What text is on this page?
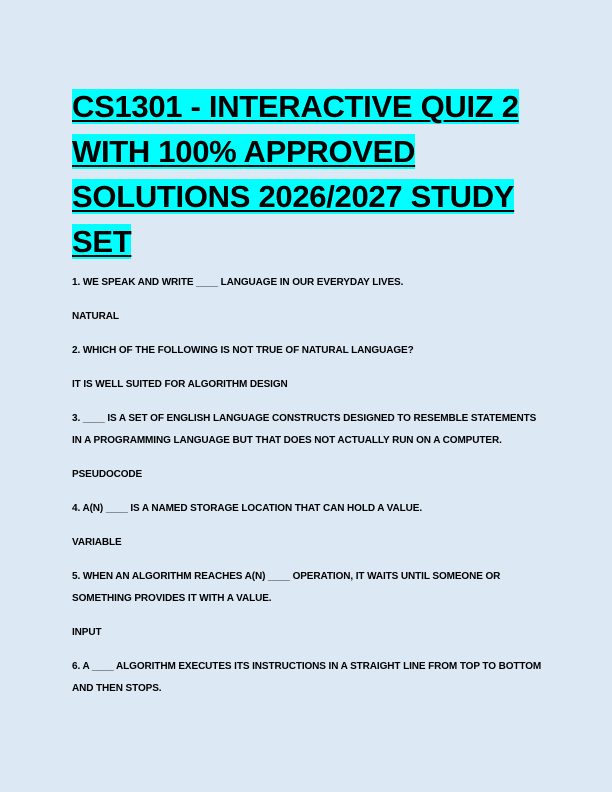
CS1301 - INTERACTIVE QUIZ 2 WITH 100% APPROVED SOLUTIONS 2026/2027 STUDY SET

1. WE SPEAK AND WRITE ____ LANGUAGE IN OUR EVERYDAY LIVES.

NATURAL

2. WHICH OF THE FOLLOWING IS NOT TRUE OF NATURAL LANGUAGE?

IT IS WELL SUITED FOR ALGORITHM DESIGN

3. ____ IS A SET OF ENGLISH LANGUAGE CONSTRUCTS DESIGNED TO RESEMBLE STATEMENTS IN A PROGRAMMING LANGUAGE BUT THAT DOES NOT ACTUALLY RUN ON A COMPUTER.

PSEUDOCODE

4. A(N) ____ IS A NAMED STORAGE LOCATION THAT CAN HOLD A VALUE.

VARIABLE

5. WHEN AN ALGORITHM REACHES A(N) ____ OPERATION, IT WAITS UNTIL SOMEONE OR SOMETHING PROVIDES IT WITH A VALUE.

INPUT

6. A ____ ALGORITHM EXECUTES ITS INSTRUCTIONS IN A STRAIGHT LINE FROM TOP TO BOTTOM AND THEN STOPS.
